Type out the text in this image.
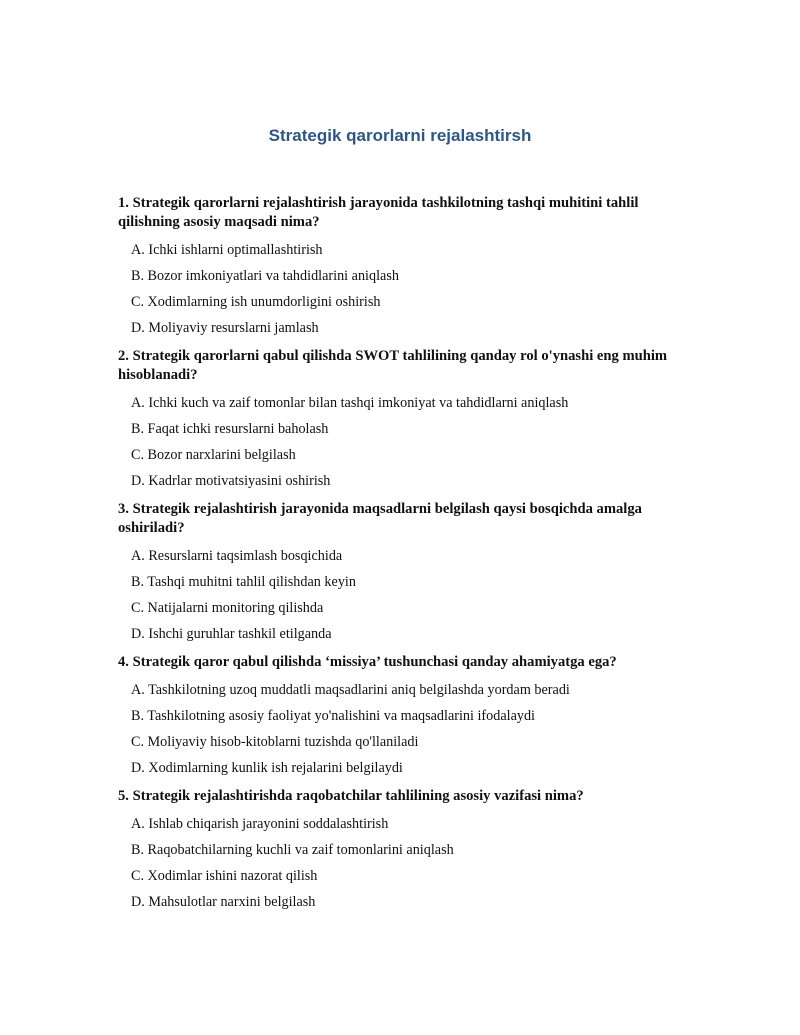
Strategik qarorlarni rejalashtirsh
1. Strategik qarorlarni rejalashtirish jarayonida tashkilotning tashqi muhitini tahlil qilishning asosiy maqsadi nima?
A. Ichki ishlarni optimallashtirish
B. Bozor imkoniyatlari va tahdidlarini aniqlash
C. Xodimlarning ish unumdorligini oshirish
D. Moliyaviy resurslarni jamlash
2. Strategik qarorlarni qabul qilishda SWOT tahlilining qanday rol o'ynashi eng muhim hisoblanadi?
A. Ichki kuch va zaif tomonlar bilan tashqi imkoniyat va tahdidlarni aniqlash
B. Faqat ichki resurslarni baholash
C. Bozor narxlarini belgilash
D. Kadrlar motivatsiyasini oshirish
3. Strategik rejalashtirish jarayonida maqsadlarni belgilash qaysi bosqichda amalga oshiriladi?
A. Resurslarni taqsimlash bosqichida
B. Tashqi muhitni tahlil qilishdan keyin
C. Natijalarni monitoring qilishda
D. Ishchi guruhlar tashkil etilganda
4. Strategik qaror qabul qilishda ‘missiya’ tushunchasi qanday ahamiyatga ega?
A. Tashkilotning uzoq muddatli maqsadlarini aniq belgilashda yordam beradi
B. Tashkilotning asosiy faoliyat yo'nalishini va maqsadlarini ifodalaydi
C. Moliyaviy hisob-kitoblarni tuzishda qo'llaniladi
D. Xodimlarning kunlik ish rejalarini belgilaydi
5. Strategik rejalashtirishda raqobatchilar tahlilining asosiy vazifasi nima?
A. Ishlab chiqarish jarayonini soddalashtirish
B. Raqobatchilarning kuchli va zaif tomonlarini aniqlash
C. Xodimlar ishini nazorat qilish
D. Mahsulotlar narxini belgilash
